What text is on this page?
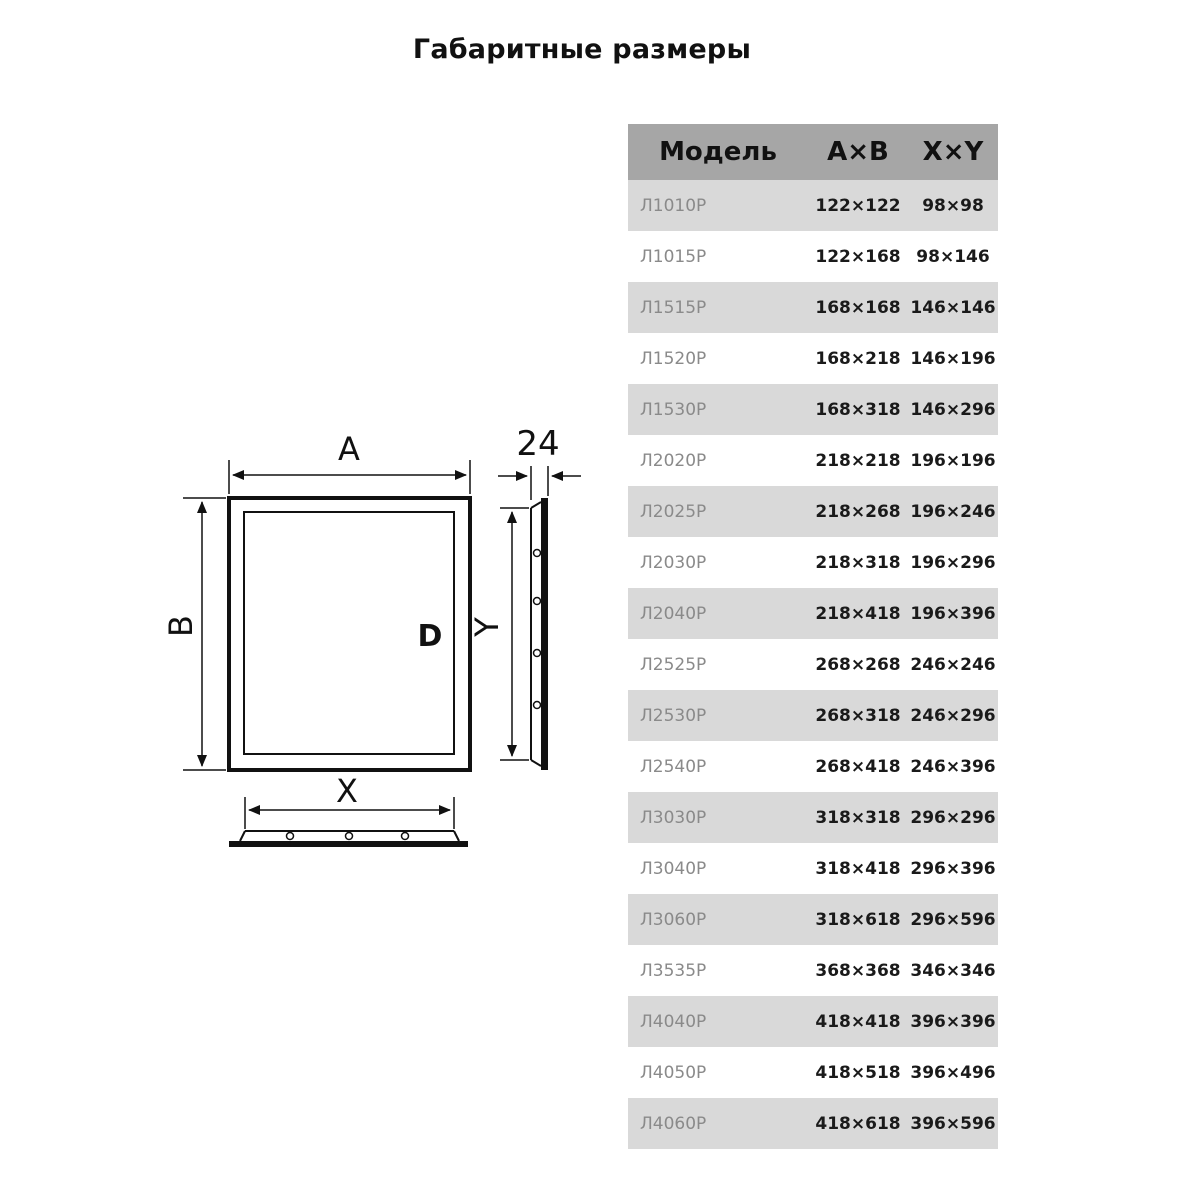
Габаритные размеры
A
B	D Y
24
X
Модель	A×B	X×Y
Л1010Р	122×122	98×98
Л1015Р	122×168	98×146
Л1515Р	168×168	146×146
Л1520Р	168×218	146×196
Л1530Р	168×318	146×296
Л2020Р	218×218	196×196
Л2025Р	218×268	196×246
Л2030Р	218×318	196×296
Л2040Р	218×418	196×396
Л2525Р	268×268	246×246
Л2530Р	268×318	246×296
Л2540Р	268×418	246×396
Л3030Р	318×318	296×296
Л3040Р	318×418	296×396
Л3060Р	318×618	296×596
Л3535Р	368×368	346×346
Л4040Р	418×418	396×396
Л4050Р	418×518	396×496
Л4060Р	418×618	396×596
